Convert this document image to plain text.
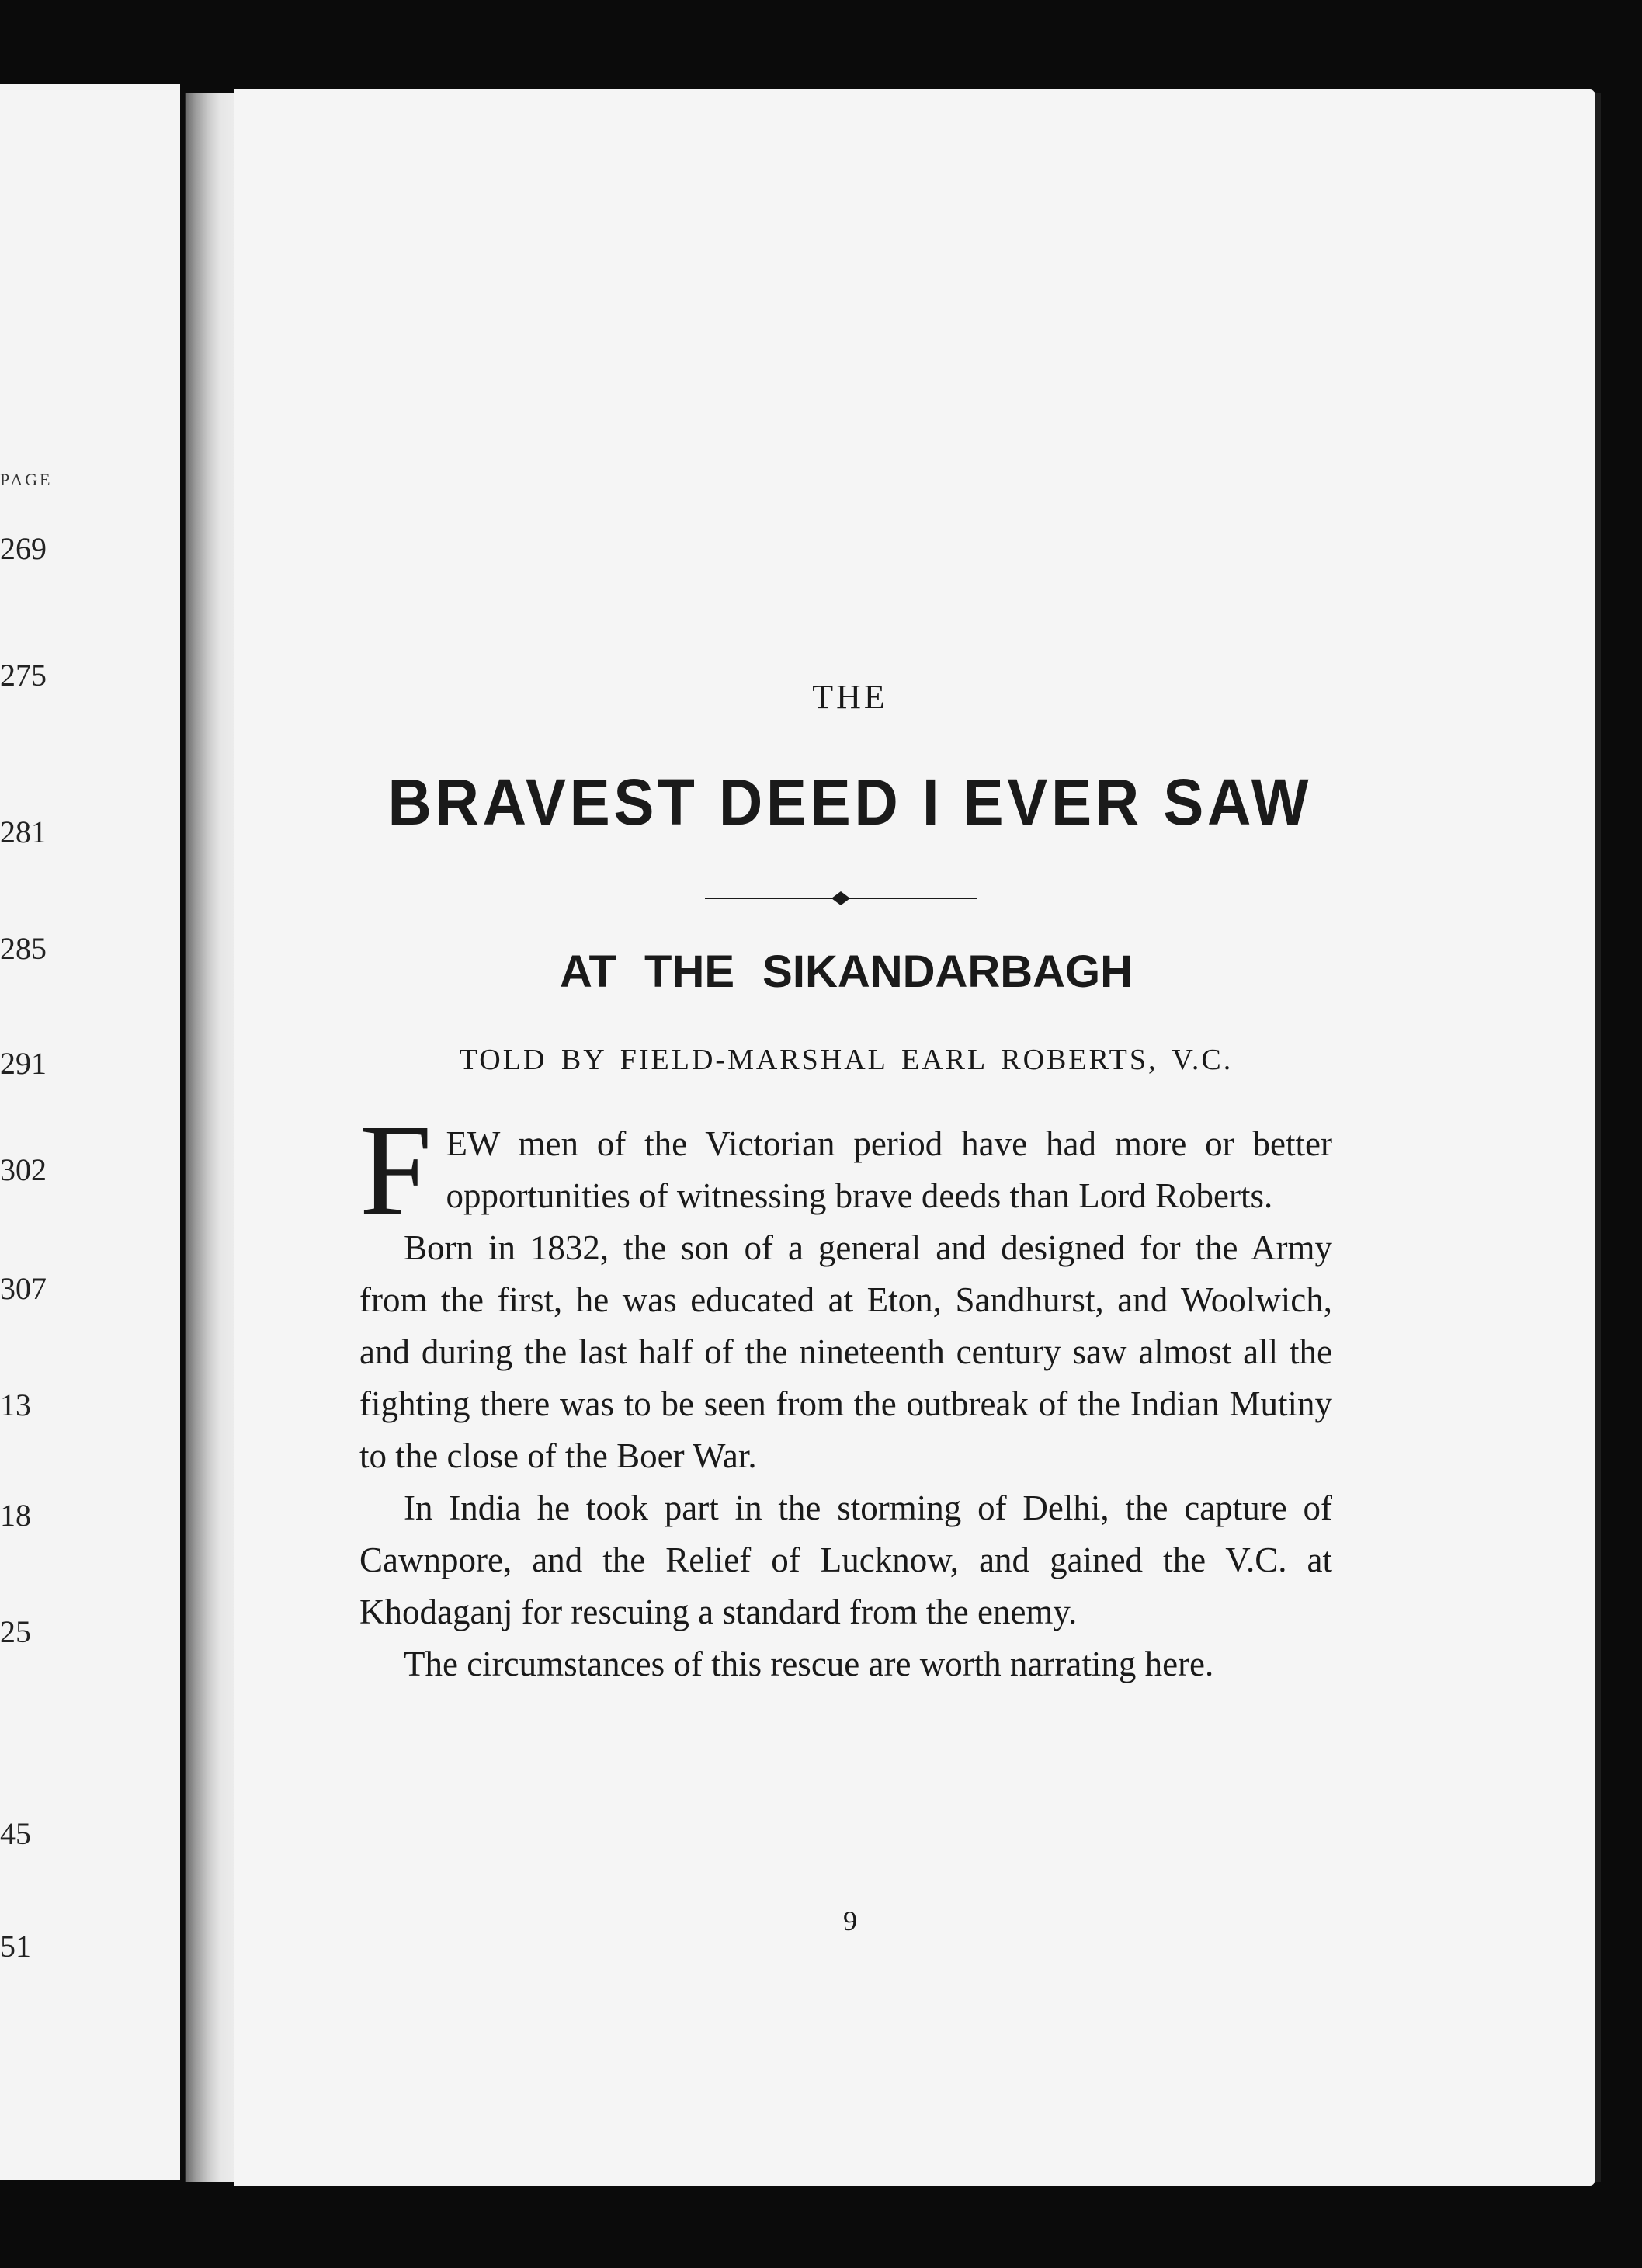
PAGE
269
275
281
285
291
302
307
13
18
25
45
51
THE
BRAVEST DEED I EVER SAW
AT THE SIKANDARBAGH
TOLD BY FIELD-MARSHAL EARL ROBERTS, V.C.

FEW men of the Victorian period have had more or better opportunities of witnessing brave deeds than Lord Roberts.

Born in 1832, the son of a general and designed for the Army from the first, he was educated at Eton, Sandhurst, and Woolwich, and during the last half of the nineteenth century saw almost all the fighting there was to be seen from the outbreak of the Indian Mutiny to the close of the Boer War.

In India he took part in the storming of Delhi, the capture of Cawnpore, and the Relief of Lucknow, and gained the V.C. at Khodaganj for rescuing a standard from the enemy.

The circumstances of this rescue are worth narrating here.

9
